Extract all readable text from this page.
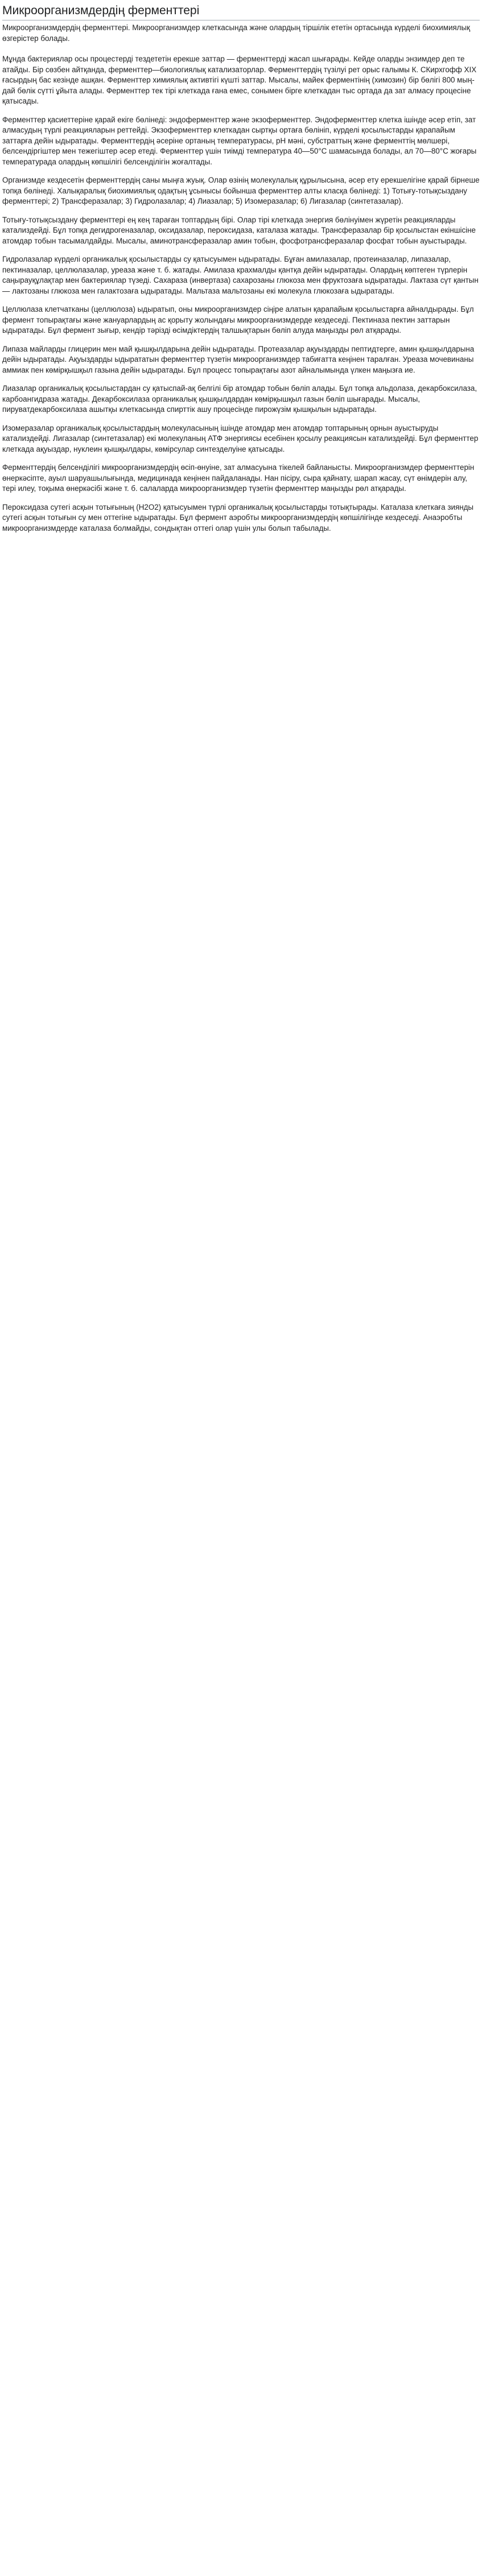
Микроорганизмдердің ферменттері

Микроорганизмдердің ферменттері. Микроорганизмдер клеткасында және олардың тіршілік ететін ортасында күрделі биохимиялық өзгерістер болады.

Мұнда бактериялар осы процестерді тездететін ерекше заттар — ферменттерді жасап шығарады. Кейде оларды энзимдер деп те атайды. Бір сөзбен айтқанда, ферменттер—биологиялық катализаторлар. Ферменттердің түзілуі рет орыс ғалымы К. СКирхгофф XIX ғасырдың бас кезінде ашқан. Ферменттер химиялық активтігі күшті заттар. Мысалы, майек ферментінің (химозин) бір бөлігі 800 мың-дай бөлік сүтті ұйыта алады. Ферменттер тек тірі клеткада ғана емес, сонымен бірге клеткадан тыс ортада да зат алмасу процесіне қатысады.

Ферменттер қасиеттеріне қарай екіге бөлінеді: эндоферменттер және экзоферменттер. Эндоферменттер клетка ішінде әсер етіп, зат алмасудың түрлі реакцияларын реттейді. Экзоферменттер клеткадан сыртқы ортаға бөлініп, күрделі қосылыстарды қарапайым заттарға дейін ыдыратады. Ферменттердің әсеріне ортаның температурасы, рН мәні, субстраттың және ферменттің мөлшері, белсендіргіштер мен тежегіштер әсер етеді. Ферменттер үшін тиімді температура 40—50°С шамасында болады, ал 70—80°С жоғары температурада олардың көпшілігі белсенділігін жоғалтады.

Организмде кездесетін ферменттердің саны мыңға жуық. Олар өзінің молекулалық құрылысына, әсер ету ерекшелігіне қарай бірнеше топқа бөлінеді. Халықаралық биохимиялық одақтың ұсынысы бойынша ферменттер алты класқа бөлінеді: 1) Тотығу-тотықсыздану ферменттері; 2) Трансферазалар; 3) Гидролазалар; 4) Лиазалар; 5) Изомеразалар; 6) Лигазалар (синтетазалар).

Тотығу-тотықсыздану ферменттері ең кең тараған топтардың бірі. Олар тірі клеткада энергия бөлінуімен жүретін реакцияларды катализдейді. Бұл топқа дегидрогеназалар, оксидазалар, пероксидаза, каталаза жатады. Трансферазалар бір қосылыстан екіншісіне атомдар тобын тасымалдайды. Мысалы, аминотрансферазалар амин тобын, фосфотрансферазалар фосфат тобын ауыстырады.

Гидролазалар күрделі органикалық қосылыстарды су қатысуымен ыдыратады. Бұған амилазалар, протеиназалар, липазалар, пектиназалар, целлюлазалар, уреаза және т. б. жатады. Амилаза крахмалды қантқа дейін ыдыратады. Олардың көптеген түрлерін саңырауқұлақтар мен бактериялар түзеді. Сахараза (инвертаза) сахарозаны глюкоза мен фруктозаға ыдыратады. Лактаза сүт қантын — лактозаны глюкоза мен галактозаға ыдыратады. Мальтаза мальтозаны екі молекула глюкозаға ыдыратады.

Целлюлаза клетчатканы (целлюлоза) ыдыратып, оны микроорганизмдер сіңіре алатын қарапайым қосылыстарға айналдырады. Бұл фермент топырақтағы және жануарлардың ас қорыту жолындағы микроорганизмдерде кездеседі. Пектиназа пектин заттарын ыдыратады. Бұл фермент зығыр, кендір тәрізді өсімдіктердің талшықтарын бөліп алуда маңызды рөл атқарады.

Липаза майларды глицерин мен май қышқылдарына дейін ыдыратады. Протеазалар ақуыздарды пептидтерге, амин қышқылдарына дейін ыдыратады. Ақуыздарды ыдырататын ферменттер түзетін микроорганизмдер табиғатта кеңінен таралған. Уреаза мочевинаны аммиак пен көмірқышқыл газына дейін ыдыратады. Бұл процесс топырақтағы азот айналымында үлкен маңызға ие.

Лиазалар органикалық қосылыстардан су қатыспай-ақ белгілі бір атомдар тобын бөліп алады. Бұл топқа альдолаза, декарбоксилаза, карбоангидраза жатады. Декарбоксилаза органикалық қышқылдардан көмірқышқыл газын бөліп шығарады. Мысалы, пируватдекарбоксилаза ашытқы клеткасында спирттік ашу процесінде пирожүзім қышқылын ыдыратады.

Изомеразалар органикалық қосылыстардың молекуласының ішінде атомдар мен атомдар топтарының орнын ауыстыруды катализдейді. Лигазалар (синтетазалар) екі молекуланың АТФ энергиясы есебінен қосылу реакциясын катализдейді. Бұл ферменттер клеткада ақуыздар, нуклеин қышқылдары, көмірсулар синтезделуіне қатысады.

Ферменттердің белсенділігі микроорганизмдердің өсіп-өнуіне, зат алмасуына тікелей байланысты. Микроорганизмдер ферменттерін өнеркәсіпте, ауыл шаруашылығында, медицинада кеңінен пайдаланады. Нан пісіру, сыра қайнату, шарап жасау, сүт өнімдерін алу, тері илеу, тоқыма өнеркәсібі және т. б. салаларда микроорганизмдер түзетін ферменттер маңызды рөл атқарады.

Пероксидаза сутегі асқын тотығының (Н2О2) қатысуымен түрлі органикалық қосылыстарды тотықтырады. Каталаза клеткаға зиянды сутегі асқын тотығын су мен оттегіне ыдыратады. Бұл фермент аэробты микроорганизмдердің көпшілігінде кездеседі. Анаэробты микроорганизмдерде каталаза болмайды, сондықтан оттегі олар үшін улы болып табылады.
